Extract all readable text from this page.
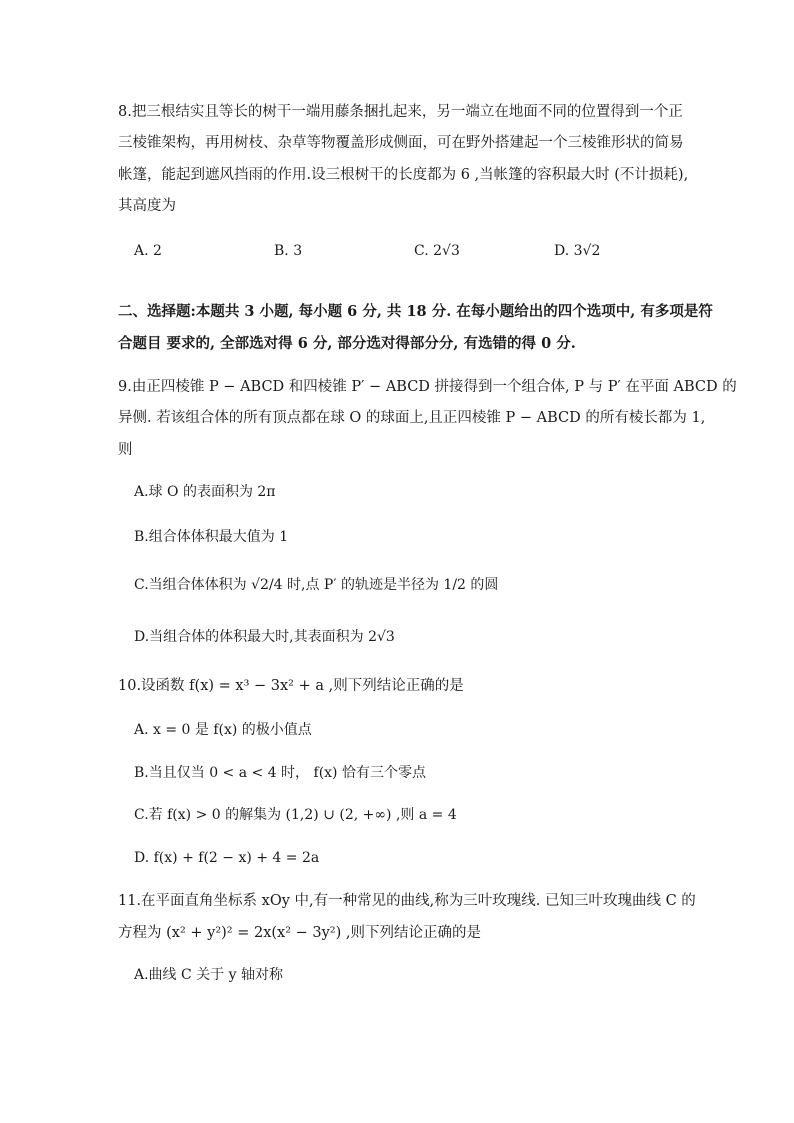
8.把三根结实且等长的树干一端用藤条捆扎起来，另一端立在地面不同的位置得到一个正
三棱锥架构，再用树枝、杂草等物覆盖形成侧面，可在野外搭建起一个三棱锥形状的简易
帐篷，能起到遮风挡雨的作用.设三根树干的长度都为 6 ,当帐篷的容积最大时 (不计损耗),
其高度为
A. 2	B. 3	C. 2√3	D. 3√2
二、选择题:本题共 3 小题, 每小题 6 分, 共 18 分. 在每小题给出的四个选项中, 有多项是符
合题目 要求的, 全部选对得 6 分, 部分选对得部分分, 有选错的得 0 分.
9.由正四棱锥 P − ABCD 和四棱锥 P′ − ABCD 拼接得到一个组合体, P 与 P′ 在平面 ABCD 的
异侧. 若该组合体的所有顶点都在球 O 的球面上,且正四棱锥 P − ABCD 的所有棱长都为 1,
则
A.球 O 的表面积为 2π
B.组合体体积最大值为 1
C.当组合体体积为 √2/4 时,点 P′ 的轨迹是半径为 1/2 的圆
D.当组合体的体积最大时,其表面积为 2√3
10.设函数 f(x) = x³ − 3x² + a ,则下列结论正确的是
A. x = 0 是 f(x) 的极小值点
B.当且仅当 0 < a < 4 时， f(x) 恰有三个零点
C.若 f(x) > 0 的解集为 (1,2) ∪ (2, +∞) ,则 a = 4
D. f(x) + f(2 − x) + 4 = 2a
11.在平面直角坐标系 xOy 中,有一种常见的曲线,称为三叶玫瑰线. 已知三叶玫瑰曲线 C 的
方程为 (x² + y²)² = 2x(x² − 3y²) ,则下列结论正确的是
A.曲线 C 关于 y 轴对称
